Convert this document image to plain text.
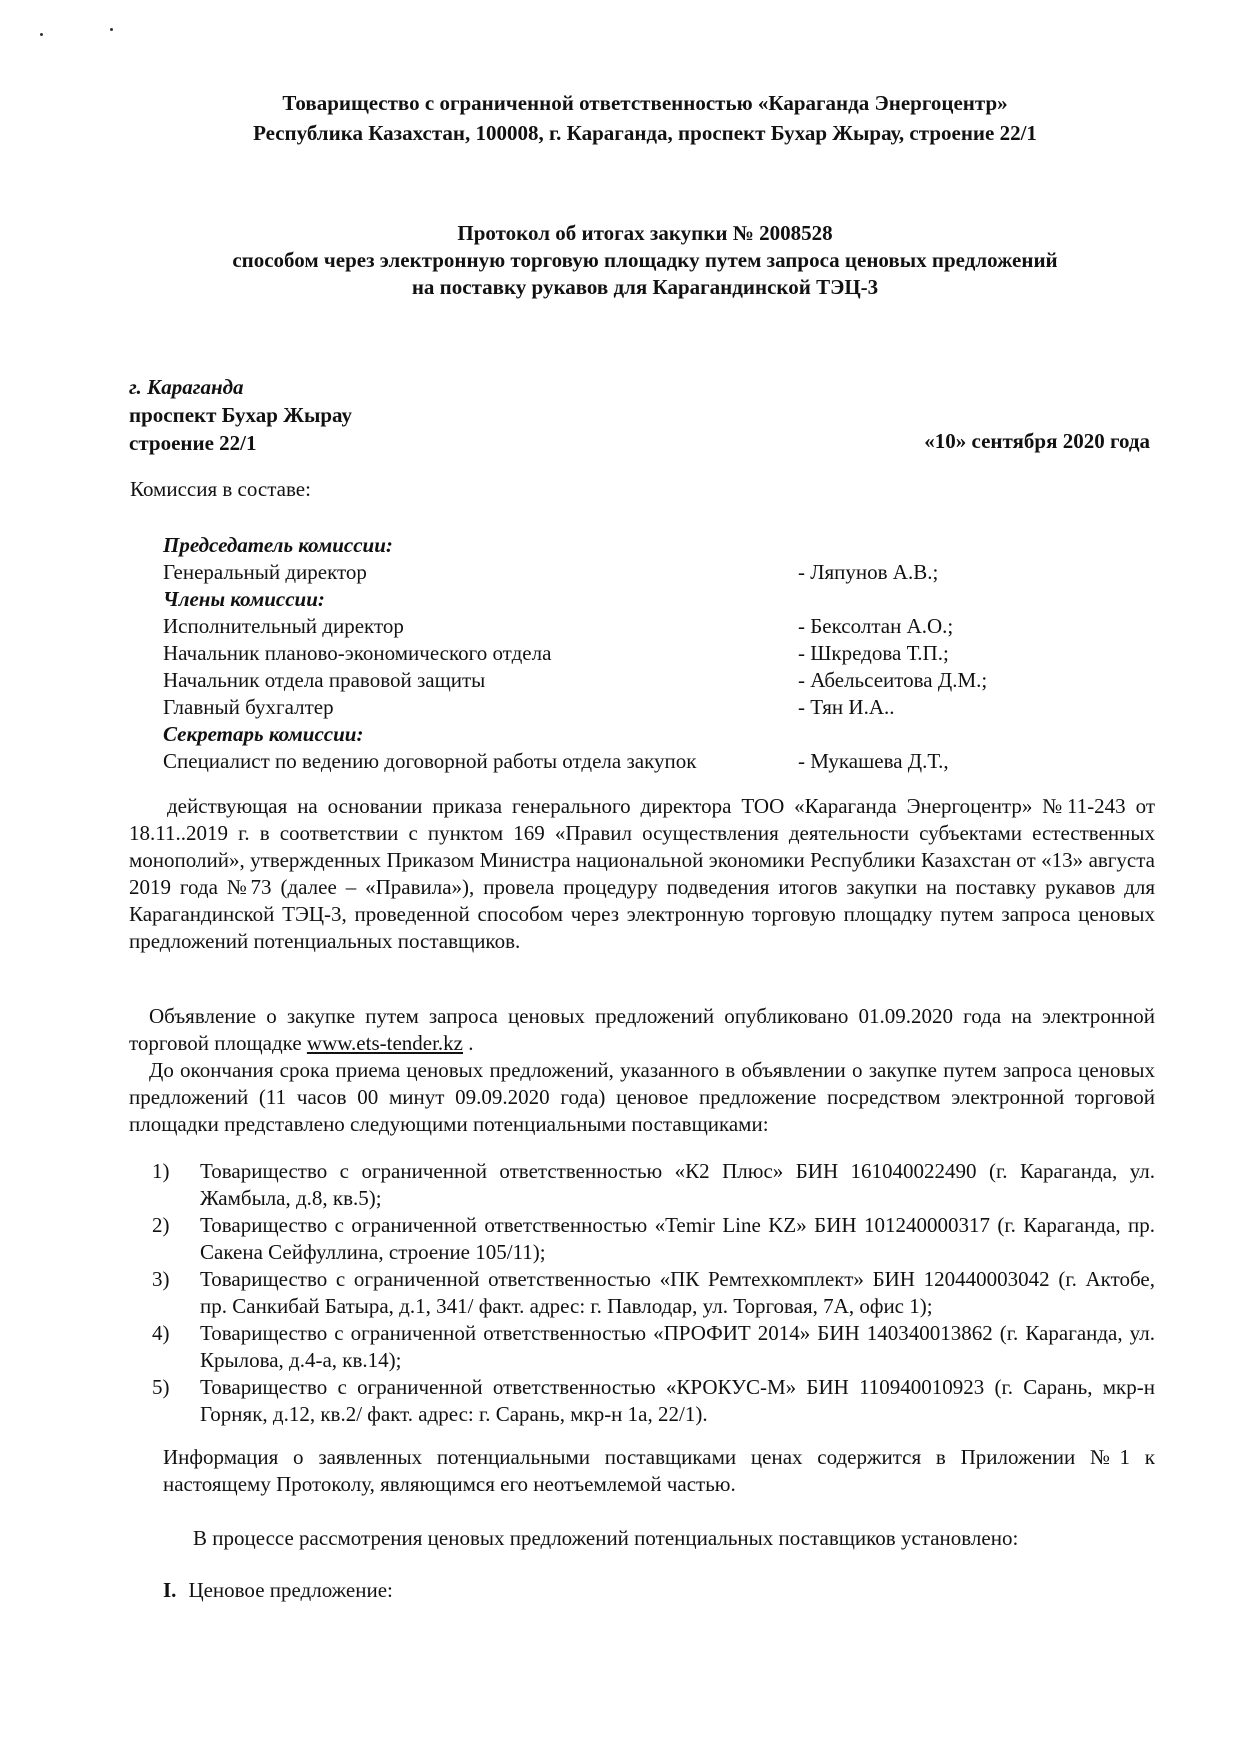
Товарищество с ограниченной ответственностью «Караганда Энергоцентр»
Республика Казахстан, 100008, г. Караганда, проспект Бухар Жырау, строение 22/1
Протокол об итогах закупки № 2008528
способом через электронную торговую площадку путем запроса ценовых предложений
на поставку рукавов для Карагандинской ТЭЦ-3
г. Караганда
проспект Бухар Жырау
строение 22/1	«10» сентября 2020 года
Комиссия в составе:
Председатель комиссии:
Генеральный директор	- Ляпунов А.В.;
Члены комиссии:
Исполнительный директор	- Бексолтан А.О.;
Начальник планово-экономического отдела	- Шкредова Т.П.;
Начальник отдела правовой защиты	- Абельсеитова Д.М.;
Главный бухгалтер	- Тян И.А..
Секретарь комиссии:
Специалист по ведению договорной работы отдела закупок	- Мукашева Д.Т.,
действующая на основании приказа генерального директора ТОО «Караганда Энергоцентр» №11-243 от 18.11..2019 г. в соответствии с пунктом 169 «Правил осуществления деятельности субъектами естественных монополий», утвержденных Приказом Министра национальной экономики Республики Казахстан от «13» августа 2019 года №73 (далее – «Правила»), провела процедуру подведения итогов закупки на поставку рукавов для Карагандинской ТЭЦ-3, проведенной способом через электронную торговую площадку путем запроса ценовых предложений потенциальных поставщиков.
Объявление о закупке путем запроса ценовых предложений опубликовано 01.09.2020 года на электронной торговой площадке www.ets-tender.kz .
До окончания срока приема ценовых предложений, указанного в объявлении о закупке путем запроса ценовых предложений (11 часов 00 минут 09.09.2020 года) ценовое предложение посредством электронной торговой площадки представлено следующими потенциальными поставщиками:
1)	Товарищество с ограниченной ответственностью «К2 Плюс» БИН 161040022490 (г. Караганда, ул. Жамбыла, д.8, кв.5);
2)	Товарищество с ограниченной ответственностью «Temir Line KZ» БИН 101240000317 (г. Караганда, пр. Сакена Сейфуллина, строение 105/11);
3)	Товарищество с ограниченной ответственностью «ПК Ремтехкомплект» БИН 120440003042 (г. Актобе, пр. Санкибай Батыра, д.1, 341/ факт. адрес: г. Павлодар, ул. Торговая, 7А, офис 1);
4)	Товарищество с ограниченной ответственностью «ПРОФИТ 2014» БИН 140340013862 (г. Караганда, ул. Крылова, д.4-а, кв.14);
5)	Товарищество с ограниченной ответственностью «КРОКУС-М» БИН 110940010923 (г. Сарань, мкр-н Горняк, д.12, кв.2/ факт. адрес: г. Сарань, мкр-н 1а, 22/1).
Информация о заявленных потенциальными поставщиками ценах содержится в Приложении №1 к настоящему Протоколу, являющимся его неотъемлемой частью.
В процессе рассмотрения ценовых предложений потенциальных поставщиков установлено:
I. Ценовое предложение:
